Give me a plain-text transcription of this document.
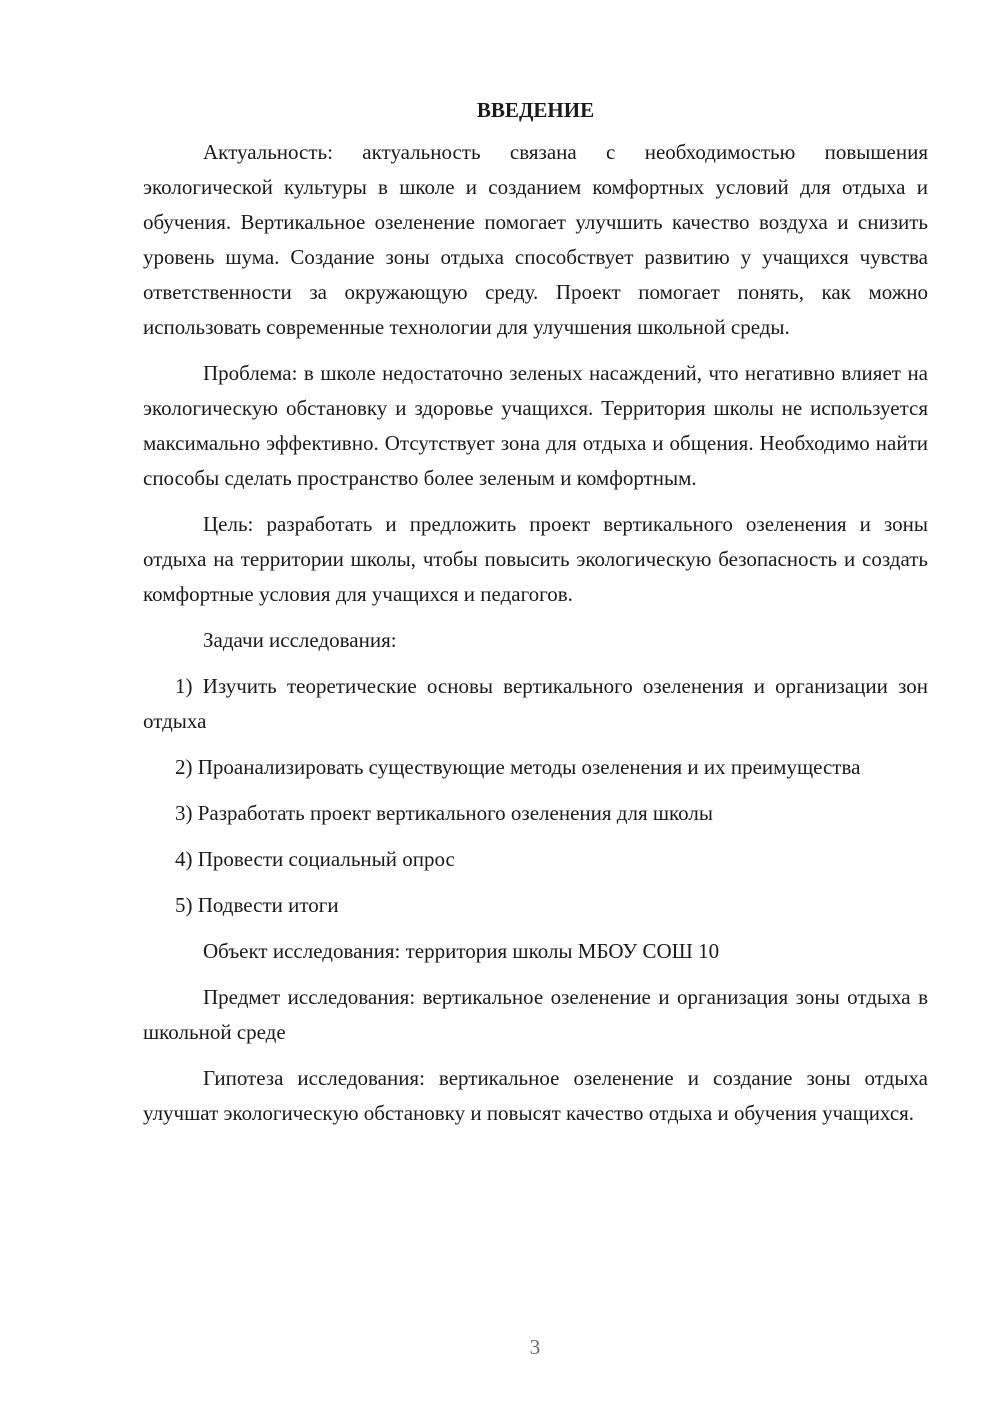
ВВЕДЕНИЕ

Актуальность: актуальность связана с необходимостью повышения экологической культуры в школе и созданием комфортных условий для отдыха и обучения. Вертикальное озеленение помогает улучшить качество воздуха и снизить уровень шума. Создание зоны отдыха способствует развитию у учащихся чувства ответственности за окружающую среду. Проект помогает понять, как можно использовать современные технологии для улучшения школьной среды.

Проблема: в школе недостаточно зеленых насаждений, что негативно влияет на экологическую обстановку и здоровье учащихся. Территория школы не используется максимально эффективно. Отсутствует зона для отдыха и общения. Необходимо найти способы сделать пространство более зеленым и комфортным.

Цель: разработать и предложить проект вертикального озеленения и зоны отдыха на территории школы, чтобы повысить экологическую безопасность и создать комфортные условия для учащихся и педагогов.

Задачи исследования:

1) Изучить теоретические основы вертикального озеленения и организации зон отдыха

2) Проанализировать существующие методы озеленения и их преимущества

3) Разработать проект вертикального озеленения для школы

4) Провести социальный опрос

5) Подвести итоги

Объект исследования: территория школы МБОУ СОШ 10

Предмет исследования: вертикальное озеленение и организация зоны отдыха в школьной среде

Гипотеза исследования: вертикальное озеленение и создание зоны отдыха улучшат экологическую обстановку и повысят качество отдыха и обучения учащихся.

3
